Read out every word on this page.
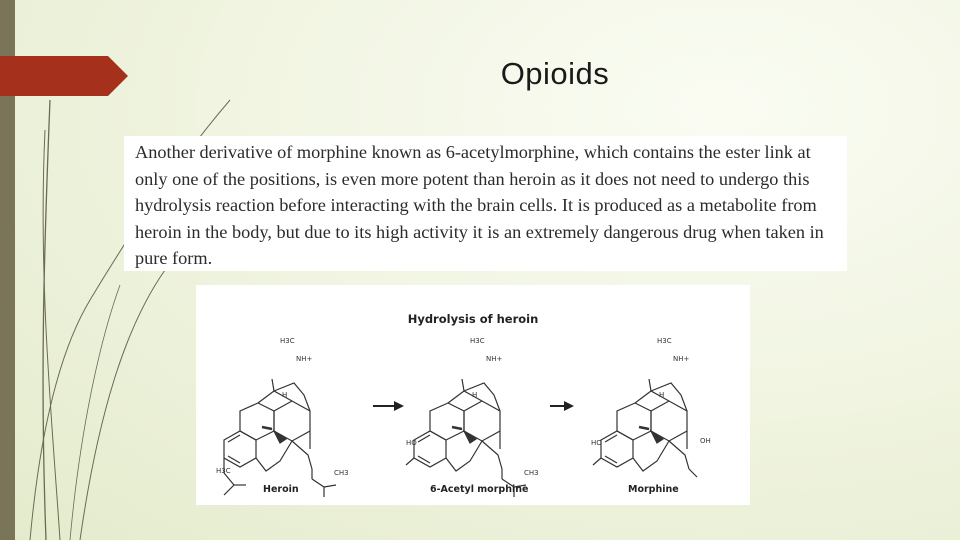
Opioids

Another derivative of morphine known as 6-acetylmorphine, which contains the ester link at only one of the positions, is even more potent than heroin as it does not need to undergo this hydrolysis reaction before interacting with the brain cells. It is produced as a metabolite from heroin in the body, but due to its high activity it is an extremely dangerous drug when taken in pure form.

Hydrolysis of heroin
H3C
NH+
H
H3C	CH3
H3C
NH+
H
HO
CH3
H3C
NH+
H
HO	OH
Heroin	6-Acetyl morphine	Morphine
